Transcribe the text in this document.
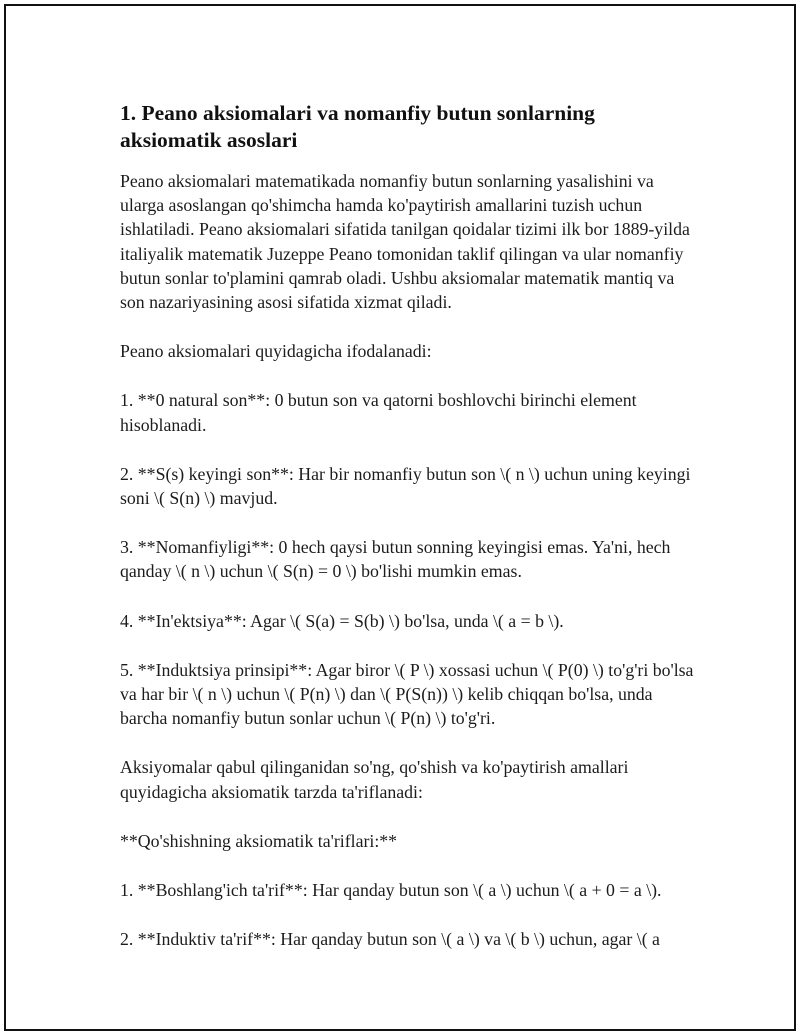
1. Peano aksiomalari va nomanfiy butun sonlarning aksiomatik asoslari

Peano aksiomalari matematikada nomanfiy butun sonlarning yasalishini va ularga asoslangan qo'shimcha hamda ko'paytirish amallarini tuzish uchun ishlatiladi. Peano aksiomalari sifatida tanilgan qoidalar tizimi ilk bor 1889-yilda italiyalik matematik Juzeppe Peano tomonidan taklif qilingan va ular nomanfiy butun sonlar to'plamini qamrab oladi. Ushbu aksiomalar matematik mantiq va son nazariyasining asosi sifatida xizmat qiladi.

Peano aksiomalari quyidagicha ifodalanadi:

1. **0 natural son**: 0 butun son va qatorni boshlovchi birinchi element hisoblanadi.

2. **S(s) keyingi son**: Har bir nomanfiy butun son \( n \) uchun uning keyingi soni \( S(n) \) mavjud.

3. **Nomanfiyligi**: 0 hech qaysi butun sonning keyingisi emas. Ya'ni, hech qanday \( n \) uchun \( S(n) = 0 \) bo'lishi mumkin emas.

4. **In'ektsiya**: Agar \( S(a) = S(b) \) bo'lsa, unda \( a = b \).

5. **Induktsiya prinsipi**: Agar biror \( P \) xossasi uchun \( P(0) \) to'g'ri bo'lsa va har bir \( n \) uchun \( P(n) \) dan \( P(S(n)) \) kelib chiqqan bo'lsa, unda barcha nomanfiy butun sonlar uchun \( P(n) \) to'g'ri.

Aksiyomalar qabul qilinganidan so'ng, qo'shish va ko'paytirish amallari quyidagicha aksiomatik tarzda ta'riflanadi:

**Qo'shishning aksiomatik ta'riflari:**

1. **Boshlang'ich ta'rif**: Har qanday butun son \( a \) uchun \( a + 0 = a \).

2. **Induktiv ta'rif**: Har qanday butun son \( a \) va \( b \) uchun, agar \( a
